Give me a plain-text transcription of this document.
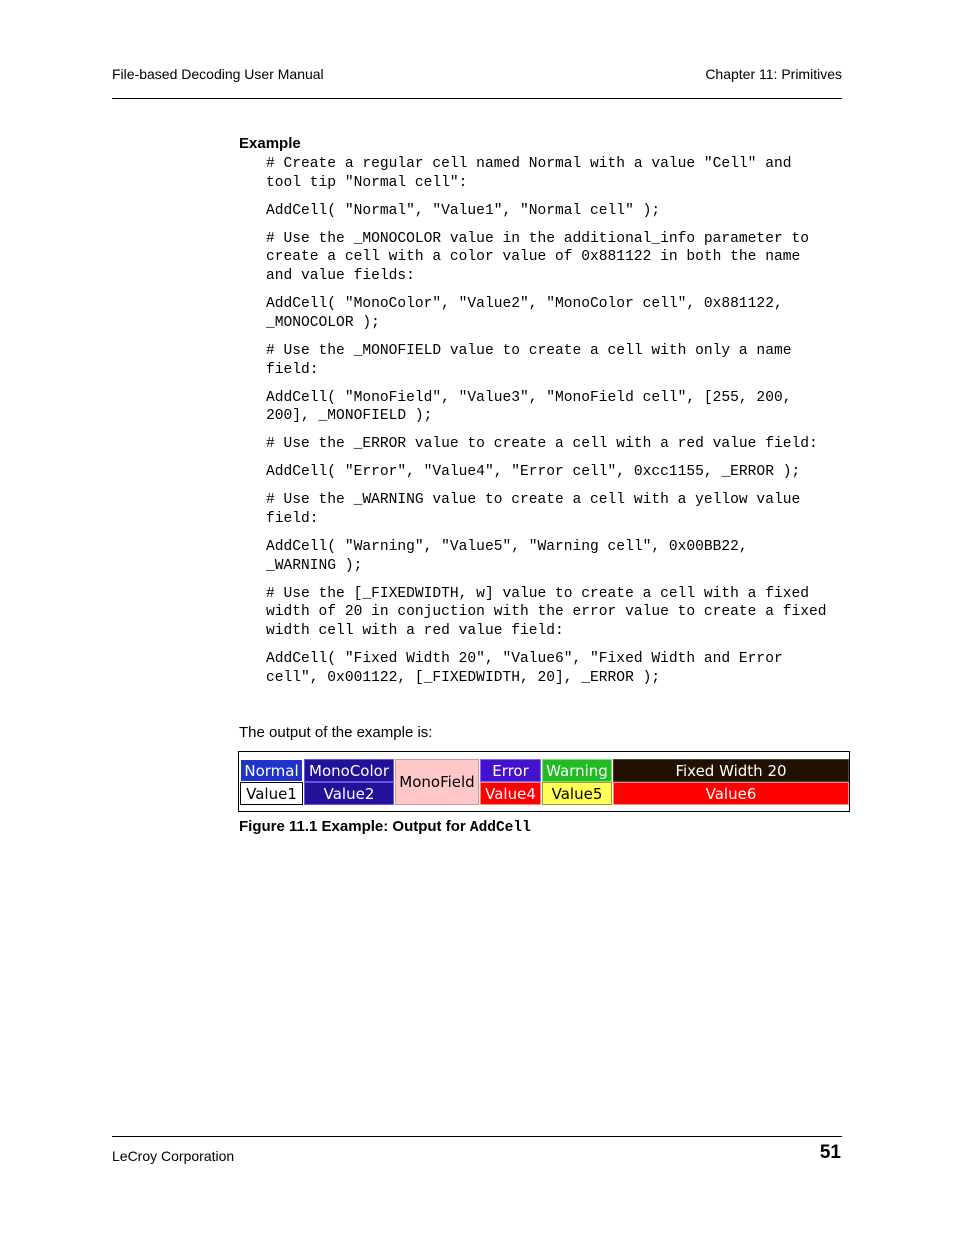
File-based Decoding User Manual	Chapter 11: Primitives
Example
# Create a regular cell named Normal with a value "Cell" and
tool tip "Normal cell":
AddCell( "Normal", "Value1", "Normal cell" );
# Use the _MONOCOLOR value in the additional_info parameter to
create a cell with a color value of 0x881122 in both the name
and value fields:
AddCell( "MonoColor", "Value2", "MonoColor cell", 0x881122,
_MONOCOLOR );
# Use the _MONOFIELD value to create a cell with only a name
field:
AddCell( "MonoField", "Value3", "MonoField cell", [255, 200,
200], _MONOFIELD );
# Use the _ERROR value to create a cell with a red value field:
AddCell( "Error", "Value4", "Error cell", 0xcc1155, _ERROR );
# Use the _WARNING value to create a cell with a yellow value
field:
AddCell( "Warning", "Value5", "Warning cell", 0x00BB22,
_WARNING );
# Use the [_FIXEDWIDTH, w] value to create a cell with a fixed
width of 20 in conjuction with the error value to create a fixed
width cell with a red value field:
AddCell( "Fixed Width 20", "Value6", "Fixed Width and Error
cell", 0x001122, [_FIXEDWIDTH, 20], _ERROR );
The output of the example is:
Normal
Value1
MonoColor
Value2
MonoField
Error
Value4
Warning
Value5
Fixed Width 20
Value6
Figure 11.1 Example: Output for AddCell
LeCroy Corporation	51
